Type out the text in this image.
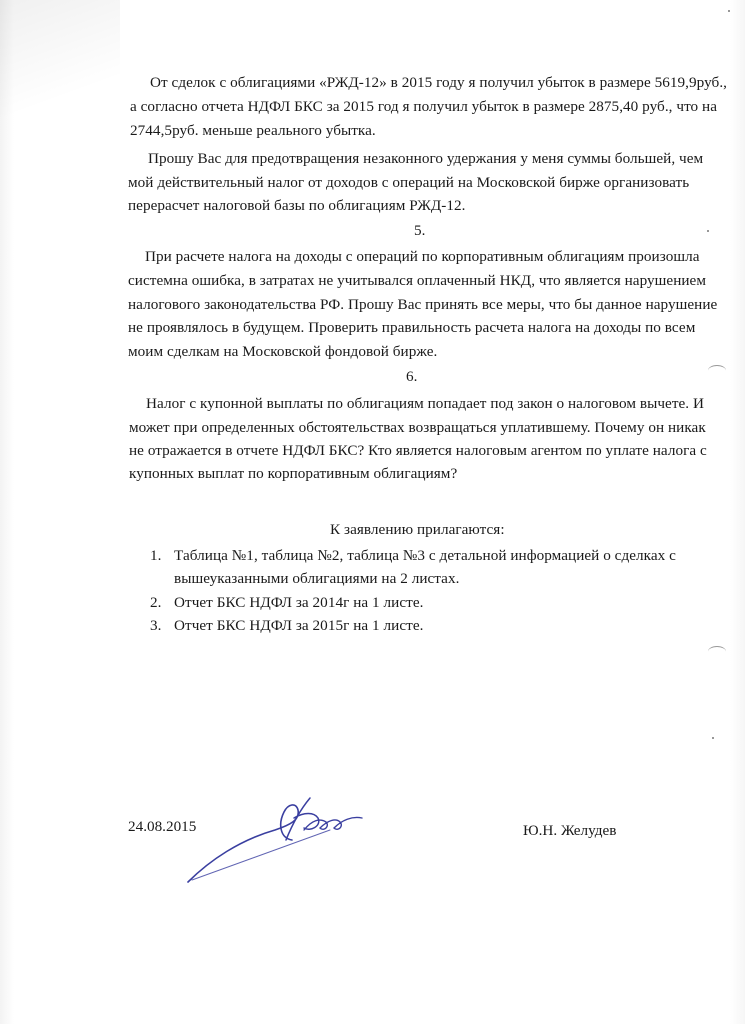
От сделок с облигациями «РЖД-12» в 2015 году я получил убыток в размере 5619,9руб.,
а согласно отчета НДФЛ БКС за 2015 год я получил убыток в размере 2875,40 руб., что на
2744,5руб. меньше реального убытка.
Прошу Вас для предотвращения незаконного удержания у меня суммы большей, чем
мой действительный налог от доходов с операций на Московской бирже организовать
перерасчет налоговой базы по облигациям РЖД-12.
5.
При расчете налога на доходы с операций по корпоративным облигациям произошла
системна ошибка, в затратах не учитывался оплаченный НКД, что является нарушением
налогового законодательства РФ. Прошу Вас принять все меры, что бы данное нарушение
не проявлялось в будущем. Проверить правильность расчета налога на доходы по всем
моим сделкам на Московской фондовой бирже.
6.
Налог с купонной выплаты по облигациям попадает под закон о налоговом вычете. И
может при определенных обстоятельствах возвращаться уплатившему. Почему он никак
не отражается в отчете НДФЛ БКС? Кто является налоговым агентом по уплате налога с
купонных выплат по корпоративным облигациям?
К заявлению прилагаются:
1. Таблица №1, таблица №2, таблица №3 с детальной информацией о сделках с
вышеуказанными облигациями на 2 листах.
2. Отчет БКС НДФЛ за 2014г на 1 листе.
3. Отчет БКС НДФЛ за 2015г на 1 листе.
24.08.2015	Ю.Н. Желудев
